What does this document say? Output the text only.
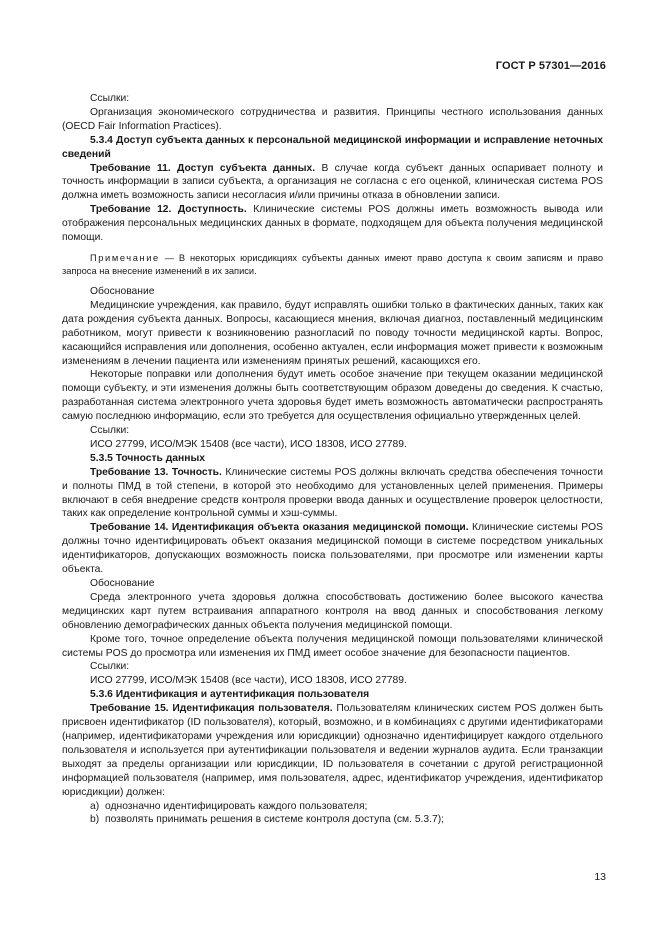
ГОСТ Р 57301—2016

Ссылки:

Организация экономического сотрудничества и развития. Принципы честного использования данных (OECD Fair Information Practices).

5.3.4 Доступ субъекта данных к персональной медицинской информации и исправление неточных сведений

Требование 11. Доступ субъекта данных. В случае когда субъект данных оспаривает полноту и точность информации в записи субъекта, а организация не согласна с его оценкой, клиническая система POS должна иметь возможность записи несогласия и/или причины отказа в обновлении записи.

Требование 12. Доступность. Клинические системы POS должны иметь возможность вывода или отображения персональных медицинских данных в формате, подходящем для объекта получения медицинской помощи.

Примечание — В некоторых юрисдикциях субъекты данных имеют право доступа к своим записям и право запроса на внесение изменений в их записи.

Обоснование

Медицинские учреждения, как правило, будут исправлять ошибки только в фактических данных, таких как дата рождения субъекта данных. Вопросы, касающиеся мнения, включая диагноз, поставленный медицинским работником, могут привести к возникновению разногласий по поводу точности медицинской карты. Вопрос, касающийся исправления или дополнения, особенно актуален, если информация может привести к возможным изменениям в лечении пациента или изменениям принятых решений, касающихся его.

Некоторые поправки или дополнения будут иметь особое значение при текущем оказании медицинской помощи субъекту, и эти изменения должны быть соответствующим образом доведены до сведения. К счастью, разработанная система электронного учета здоровья будет иметь возможность автоматически распространять самую последнюю информацию, если это требуется для осуществления официально утвержденных целей.

Ссылки:

ИСО 27799, ИСО/МЭК 15408 (все части), ИСО 18308, ИСО 27789.

5.3.5 Точность данных

Требование 13. Точность. Клинические системы POS должны включать средства обеспечения точности и полноты ПМД в той степени, в которой это необходимо для установленных целей применения. Примеры включают в себя внедрение средств контроля проверки ввода данных и осуществление проверок целостности, таких как определение контрольной суммы и хэш-суммы.

Требование 14. Идентификация объекта оказания медицинской помощи. Клинические системы POS должны точно идентифицировать объект оказания медицинской помощи в системе посредством уникальных идентификаторов, допускающих возможность поиска пользователями, при просмотре или изменении карты объекта.

Обоснование

Среда электронного учета здоровья должна способствовать достижению более высокого качества медицинских карт путем встраивания аппаратного контроля на ввод данных и способствования легкому обновлению демографических данных объекта получения медицинской помощи.

Кроме того, точное определение объекта получения медицинской помощи пользователями клинической системы POS до просмотра или изменения их ПМД имеет особое значение для безопасности пациентов.

Ссылки:

ИСО 27799, ИСО/МЭК 15408 (все части), ИСО 18308, ИСО 27789.

5.3.6 Идентификация и аутентификация пользователя

Требование 15. Идентификация пользователя. Пользователям клинических систем POS должен быть присвоен идентификатор (ID пользователя), который, возможно, и в комбинациях с другими идентификаторами (например, идентификаторами учреждения или юрисдикции) однозначно идентифицирует каждого отдельного пользователя и используется при аутентификации пользователя и ведении журналов аудита. Если транзакции выходят за пределы организации или юрисдикции, ID пользователя в сочетании с другой регистрационной информацией пользователя (например, имя пользователя, адрес, идентификатор учреждения, идентификатор юрисдикции) должен:

a) однозначно идентифицировать каждого пользователя;

b) позволять принимать решения в системе контроля доступа (см. 5.3.7);

13
